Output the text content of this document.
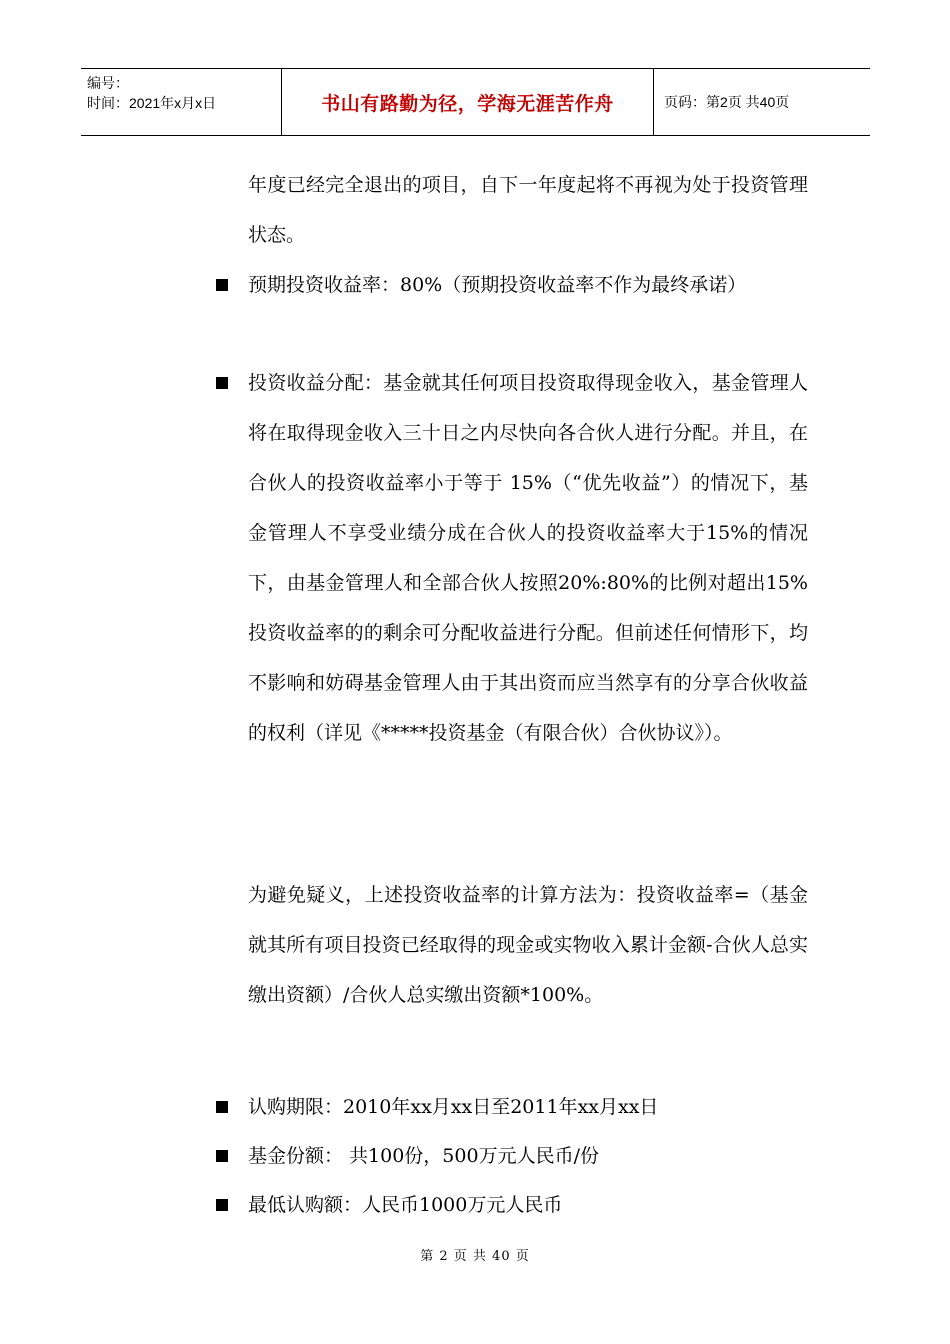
编号：
时间：2021年x月x日	书山有路勤为径，学海无涯苦作舟	页码：第2页 共40页
年度已经完全退出的项目，自下一年度起将不再视为处于投资管理状态。
预期投资收益率：80%（预期投资收益率不作为最终承诺）
投资收益分配：基金就其任何项目投资取得现金收入，基金管理人将在取得现金收入三十日之内尽快向各合伙人进行分配。并且，在合伙人的投资收益率小于等于 15%（“优先收益”）的情况下，基金管理人不享受业绩分成在合伙人的投资收益率大于15%的情况下，由基金管理人和全部合伙人按照20%:80%的比例对超出15%投资收益率的的剩余可分配收益进行分配。但前述任何情形下，均不影响和妨碍基金管理人由于其出资而应当然享有的分享合伙收益的权利（详见《*****投资基金（有限合伙）合伙协议》）。
为避免疑义，上述投资收益率的计算方法为：投资收益率=（基金就其所有项目投资已经取得的现金或实物收入累计金额-合伙人总实缴出资额）/合伙人总实缴出资额*100%。
认购期限：2010年xx月xx日至2011年xx月xx日
基金份额： 共100份，500万元人民币/份
最低认购额：人民币1000万元人民币
第 2 页 共 40 页
